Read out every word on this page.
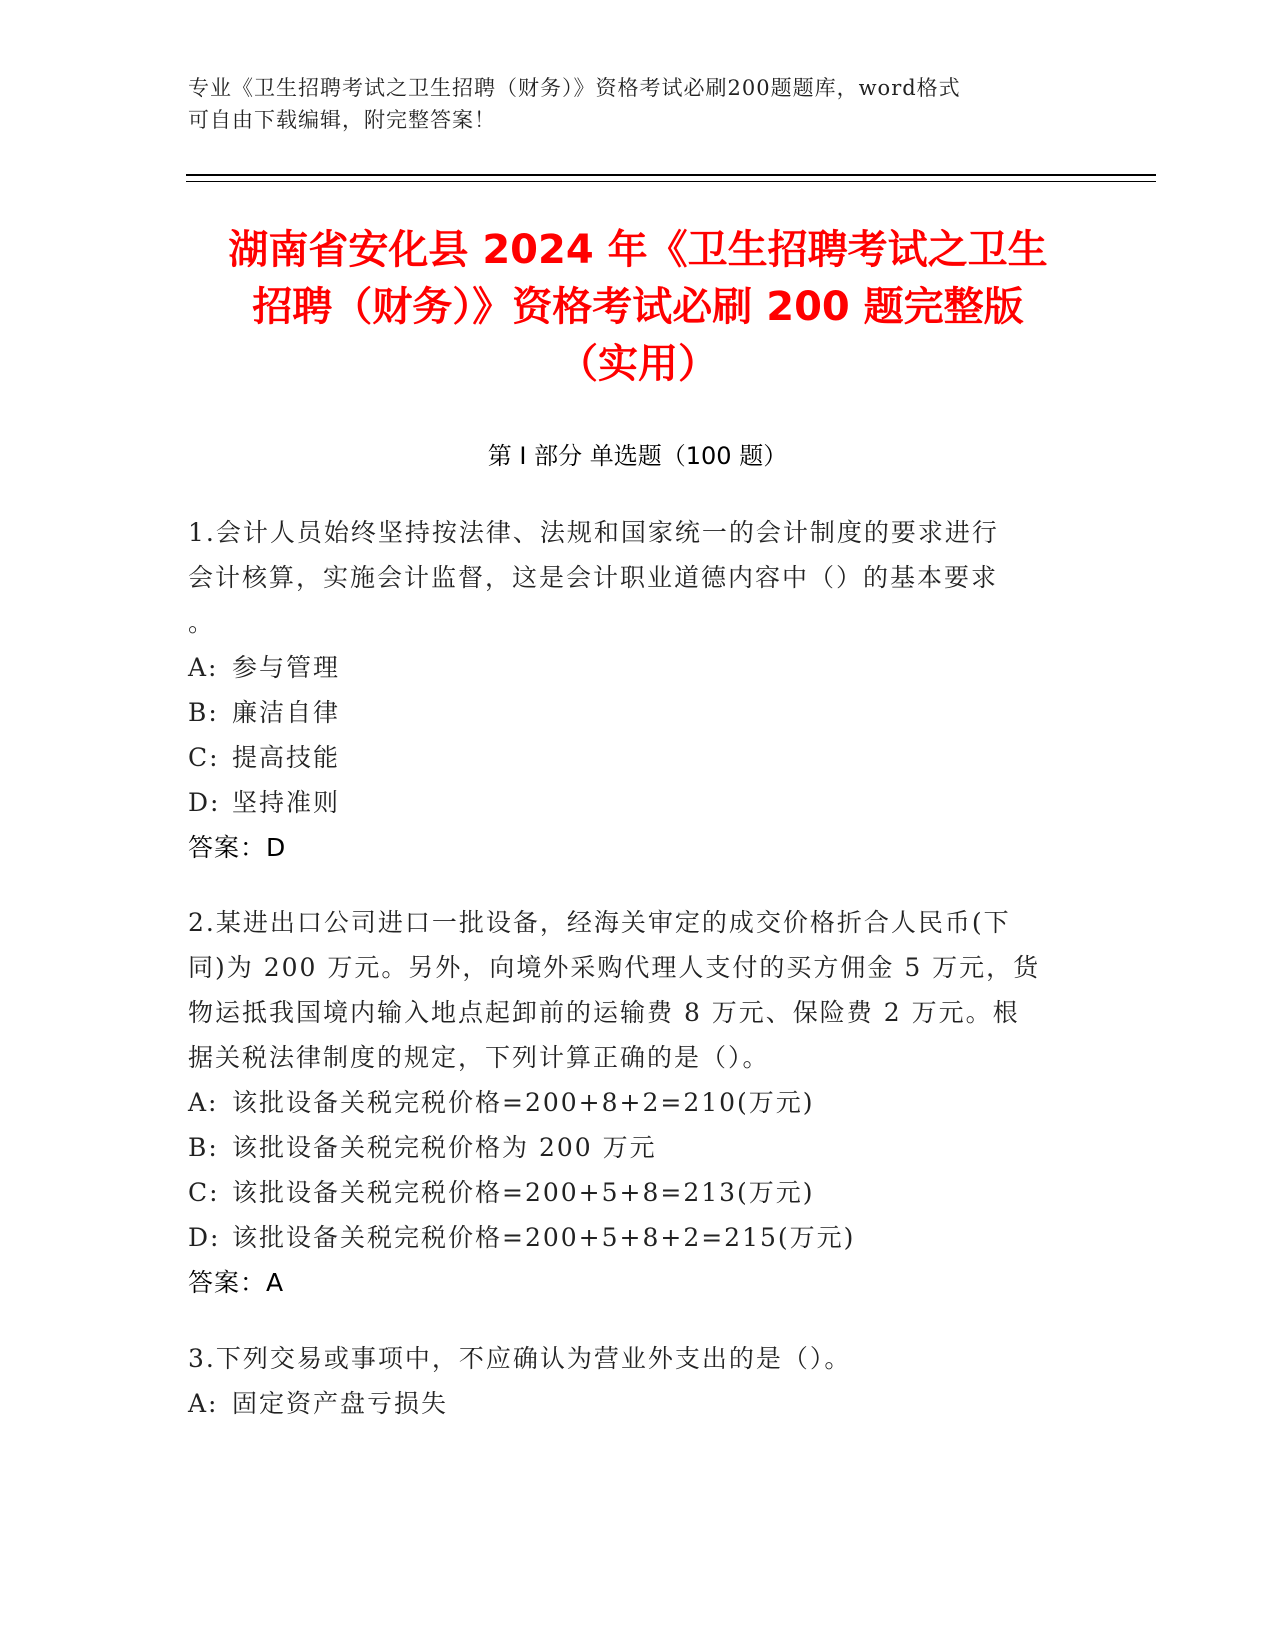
专业《卫生招聘考试之卫生招聘（财务）》资格考试必刷200题题库，word格式
可自由下载编辑，附完整答案！
湖南省安化县 2024 年《卫生招聘考试之卫生
招聘（财务）》资格考试必刷 200 题完整版
（实用）
第 I 部分 单选题（100 题）

1.会计人员始终坚持按法律、法规和国家统一的会计制度的要求进行

会计核算，实施会计监督，这是会计职业道德内容中（）的基本要求

。

A: 参与管理

B: 廉洁自律

C: 提高技能

D: 坚持准则

答案：D

2.某进出口公司进口一批设备，经海关审定的成交价格折合人民币(下

同)为 200 万元。另外，向境外采购代理人支付的买方佣金 5 万元，货

物运抵我国境内输入地点起卸前的运输费 8 万元、保险费 2 万元。根

据关税法律制度的规定，下列计算正确的是（）。

A: 该批设备关税完税价格=200+8+2=210(万元)

B: 该批设备关税完税价格为 200 万元

C: 该批设备关税完税价格=200+5+8=213(万元)

D: 该批设备关税完税价格=200+5+8+2=215(万元)

答案：A

3.下列交易或事项中，不应确认为营业外支出的是（）。

A: 固定资产盘亏损失
